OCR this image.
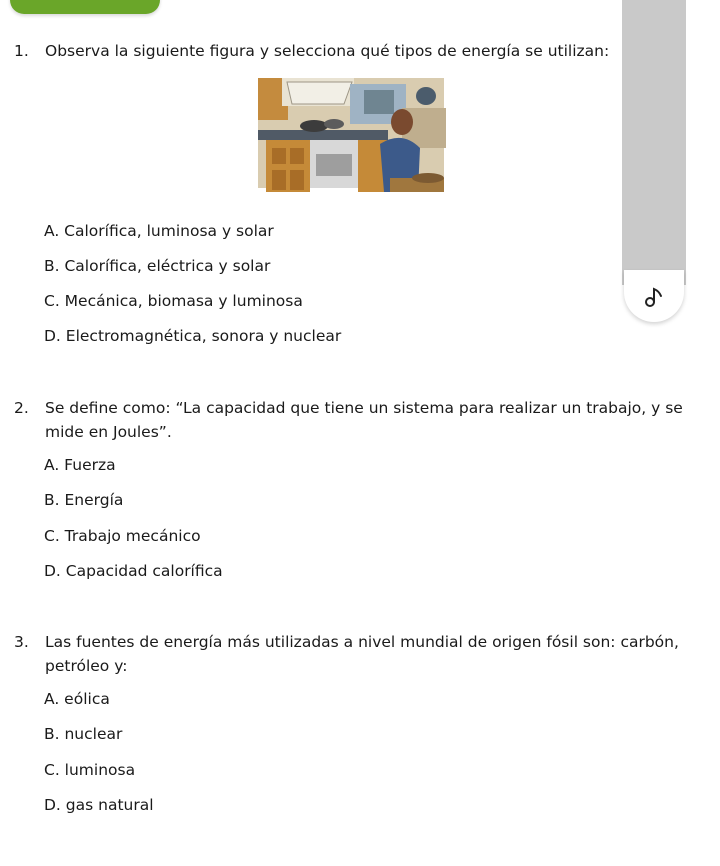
1.	Observa la siguiente figura y selecciona qué tipos de energía se utilizan:
A. Calorífica, luminosa y solar
B. Calorífica, eléctrica y solar
C. Mecánica, biomasa y luminosa
D. Electromagnética, sonora y nuclear
2.	Se define como: “La capacidad que tiene un sistema para realizar un trabajo, y se mide en Joules”.
A. Fuerza
B. Energía
C. Trabajo mecánico
D. Capacidad calorífica
3.	Las fuentes de energía más utilizadas a nivel mundial de origen fósil son: carbón, petróleo y:
A. eólica
B. nuclear
C. luminosa
D. gas natural
